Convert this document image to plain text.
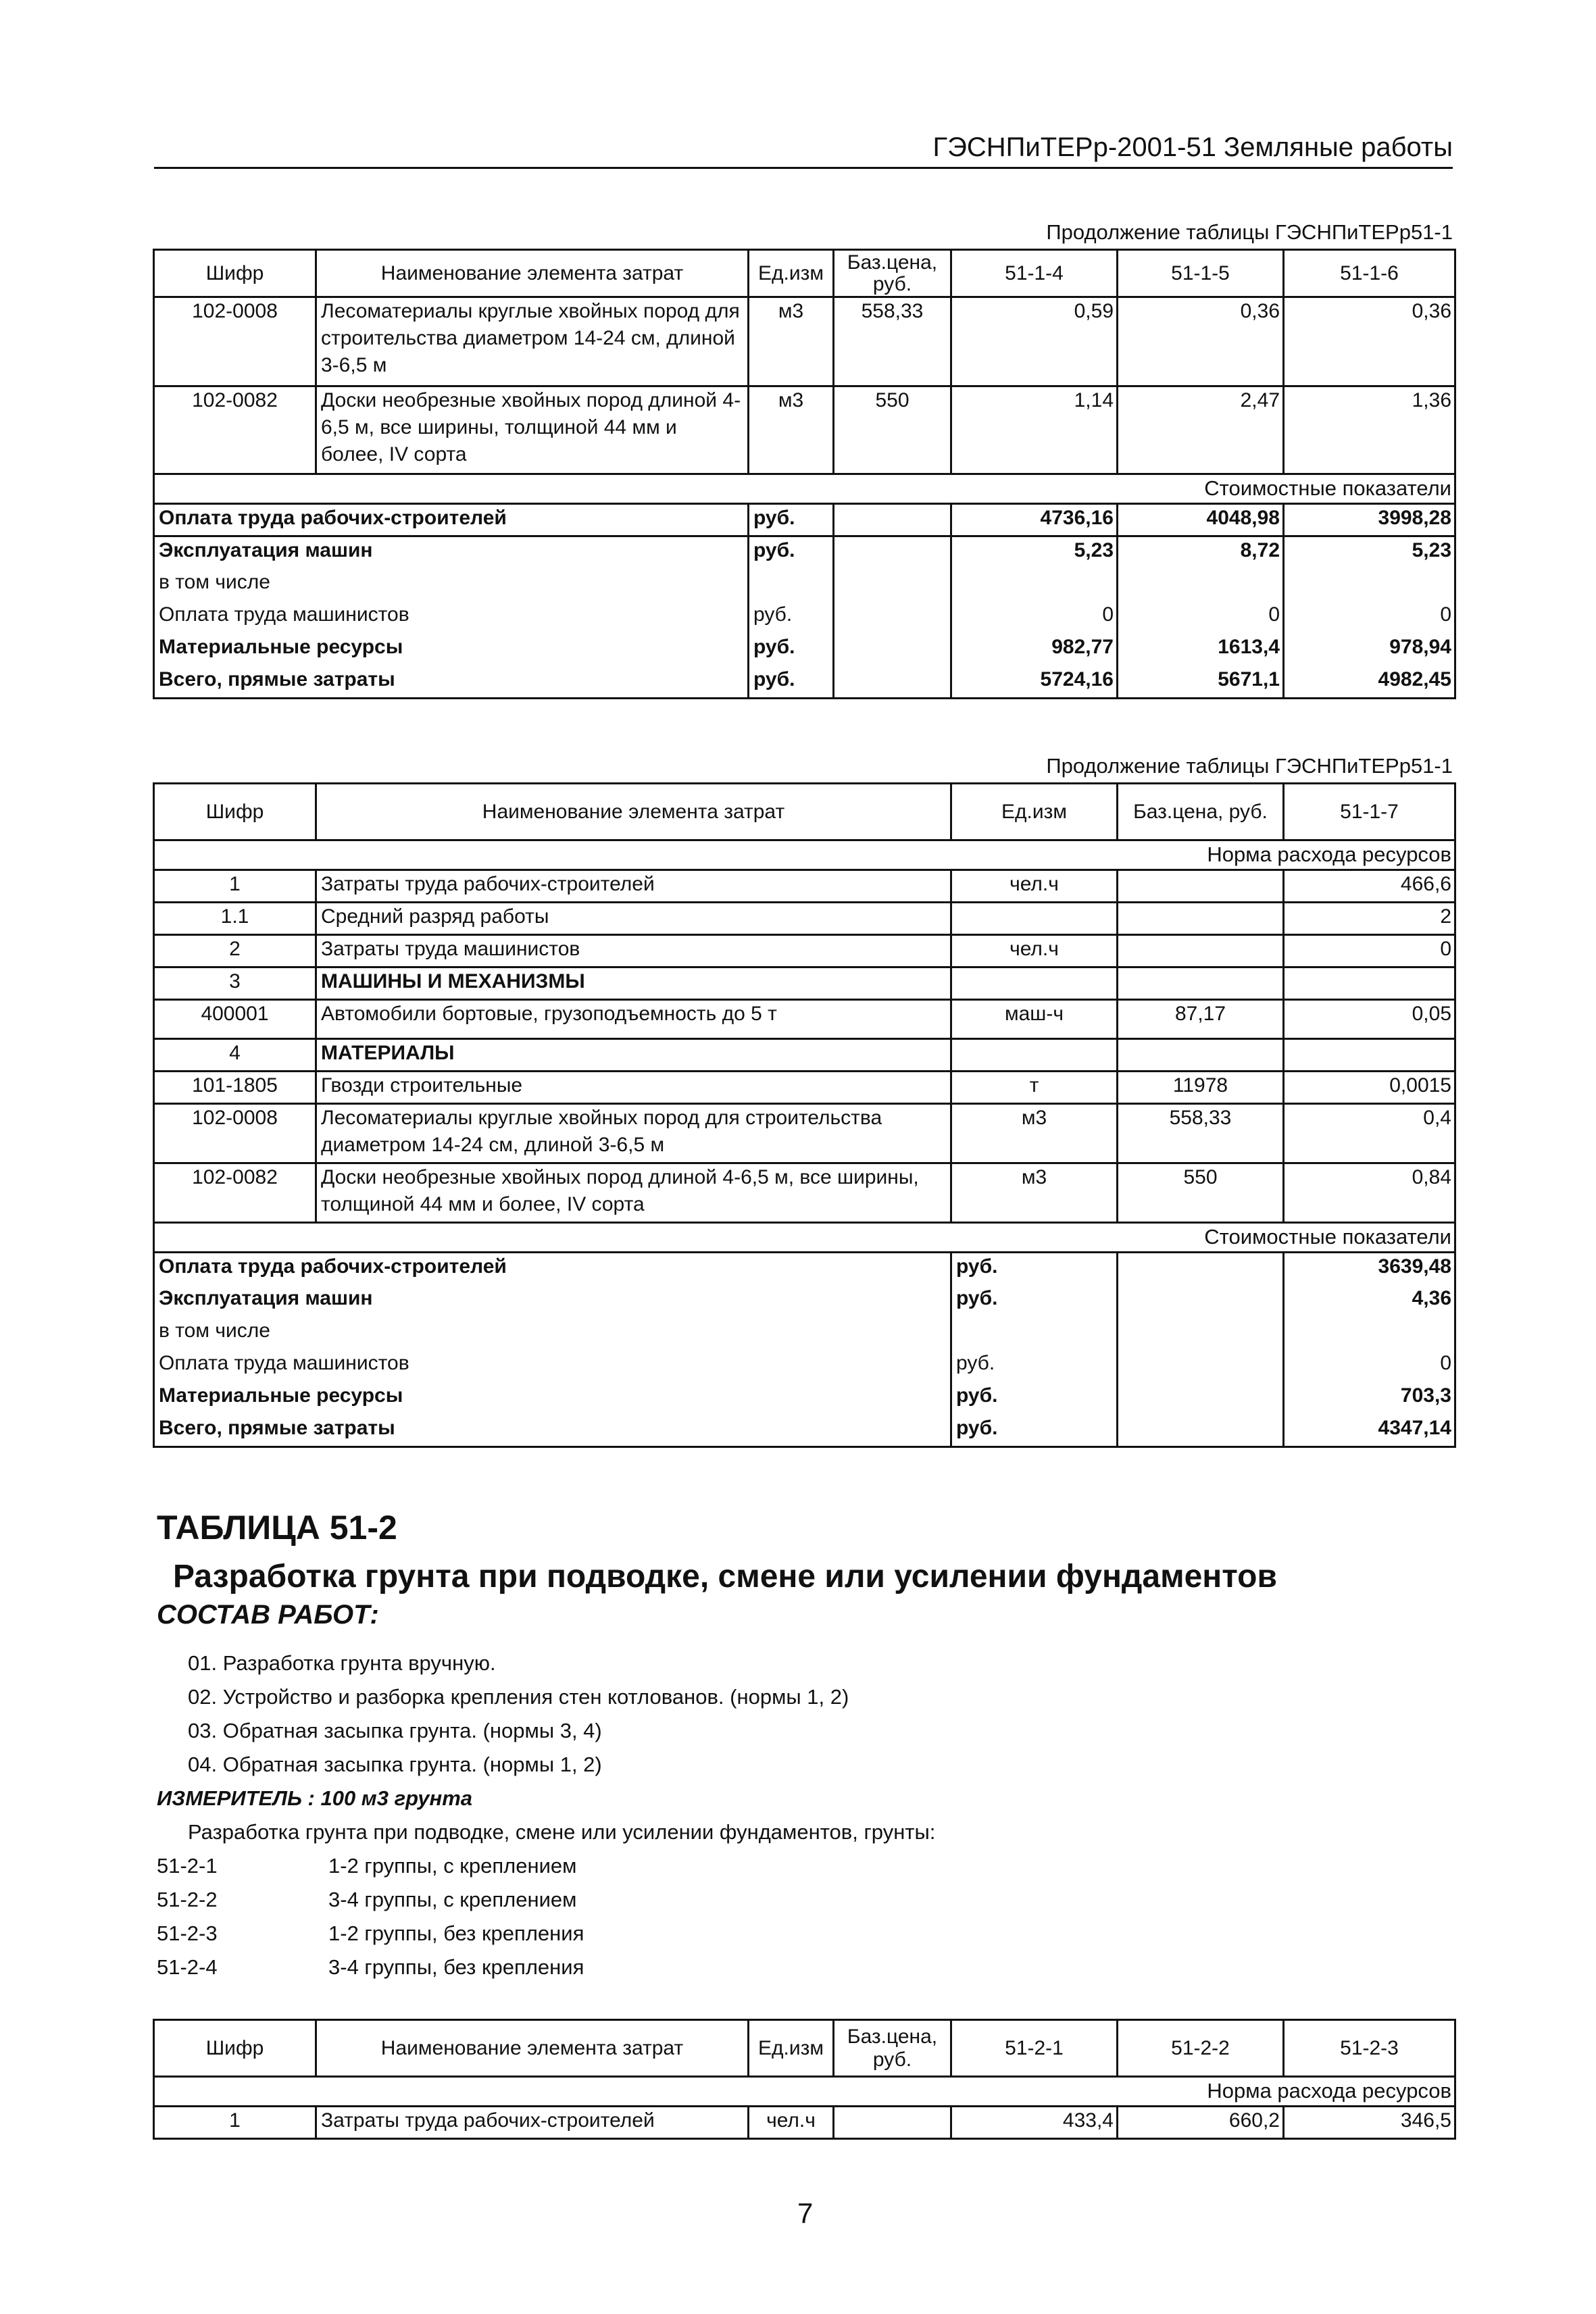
ГЭСНПиТЕРр-2001-51 Земляные работы
Продолжение таблицы ГЭСНПиТЕРр51-1
Шифр	Наименование элемента затрат	Ед.изм	Баз.цена, руб.	51-1-4	51-1-5	51-1-6
102-0008	Лесоматериалы круглые хвойных пород для строительства диаметром 14-24 см, длиной 3-6,5 м	м3	558,33	0,59	0,36	0,36
102-0082	Доски необрезные хвойных пород длиной 4-6,5 м, все ширины, толщиной 44 мм и более, IV сорта	м3	550	1,14	2,47	1,36
Стоимостные показатели						
Оплата труда рабочих-строителей		руб.		4736,16	4048,98	3998,28
Эксплуатация машин		руб.		5,23	8,72	5,23
в том числе						
Оплата труда машинистов		руб.		0	0	0
Материальные ресурсы		руб.		982,77	1613,4	978,94
Всего, прямые затраты		руб.		5724,16	5671,1	4982,45
Продолжение таблицы ГЭСНПиТЕРр51-1
Шифр	Наименование элемента затрат	Ед.изм	Баз.цена, руб.	51-1-7
Норма расхода ресурсов				
1	Затраты труда рабочих-строителей	чел.ч		466,6
1.1	Средний разряд работы			2
2	Затраты труда машинистов	чел.ч		0
3	МАШИНЫ И МЕХАНИЗМЫ			
400001	Автомобили бортовые, грузоподъемность до 5 т	маш-ч	87,17	0,05
4	МАТЕРИАЛЫ			
101-1805	Гвозди строительные	т	11978	0,0015
102-0008	Лесоматериалы круглые хвойных пород для строительства диаметром 14-24 см, длиной 3-6,5 м	м3	558,33	0,4
102-0082	Доски необрезные хвойных пород длиной 4-6,5 м, все ширины, толщиной 44 мм и более, IV сорта	м3	550	0,84
Стоимостные показатели				
Оплата труда рабочих-строителей		руб.		3639,48
Эксплуатация машин		руб.		4,36
в том числе				
Оплата труда машинистов		руб.		0
Материальные ресурсы		руб.		703,3
Всего, прямые затраты		руб.		4347,14
ТАБЛИЦА 51-2
Разработка грунта при подводке, смене или усилении фундаментов
СОСТАВ РАБОТ:
01. Разработка грунта вручную.
02. Устройство и разборка крепления стен котлованов. (нормы 1, 2)
03. Обратная засыпка грунта. (нормы 3, 4)
04. Обратная засыпка грунта. (нормы 1, 2)
ИЗМЕРИТЕЛЬ : 100 м3 грунта
Разработка грунта при подводке, смене или усилении фундаментов, грунты:
51-2-1	1-2 группы, с креплением
51-2-2	3-4 группы, с креплением
51-2-3	1-2 группы, без крепления
51-2-4	3-4 группы, без крепления
Шифр	Наименование элемента затрат	Ед.изм	Баз.цена, руб.	51-2-1	51-2-2	51-2-3
Норма расхода ресурсов						
1	Затраты труда рабочих-строителей	чел.ч		433,4	660,2	346,5
7
